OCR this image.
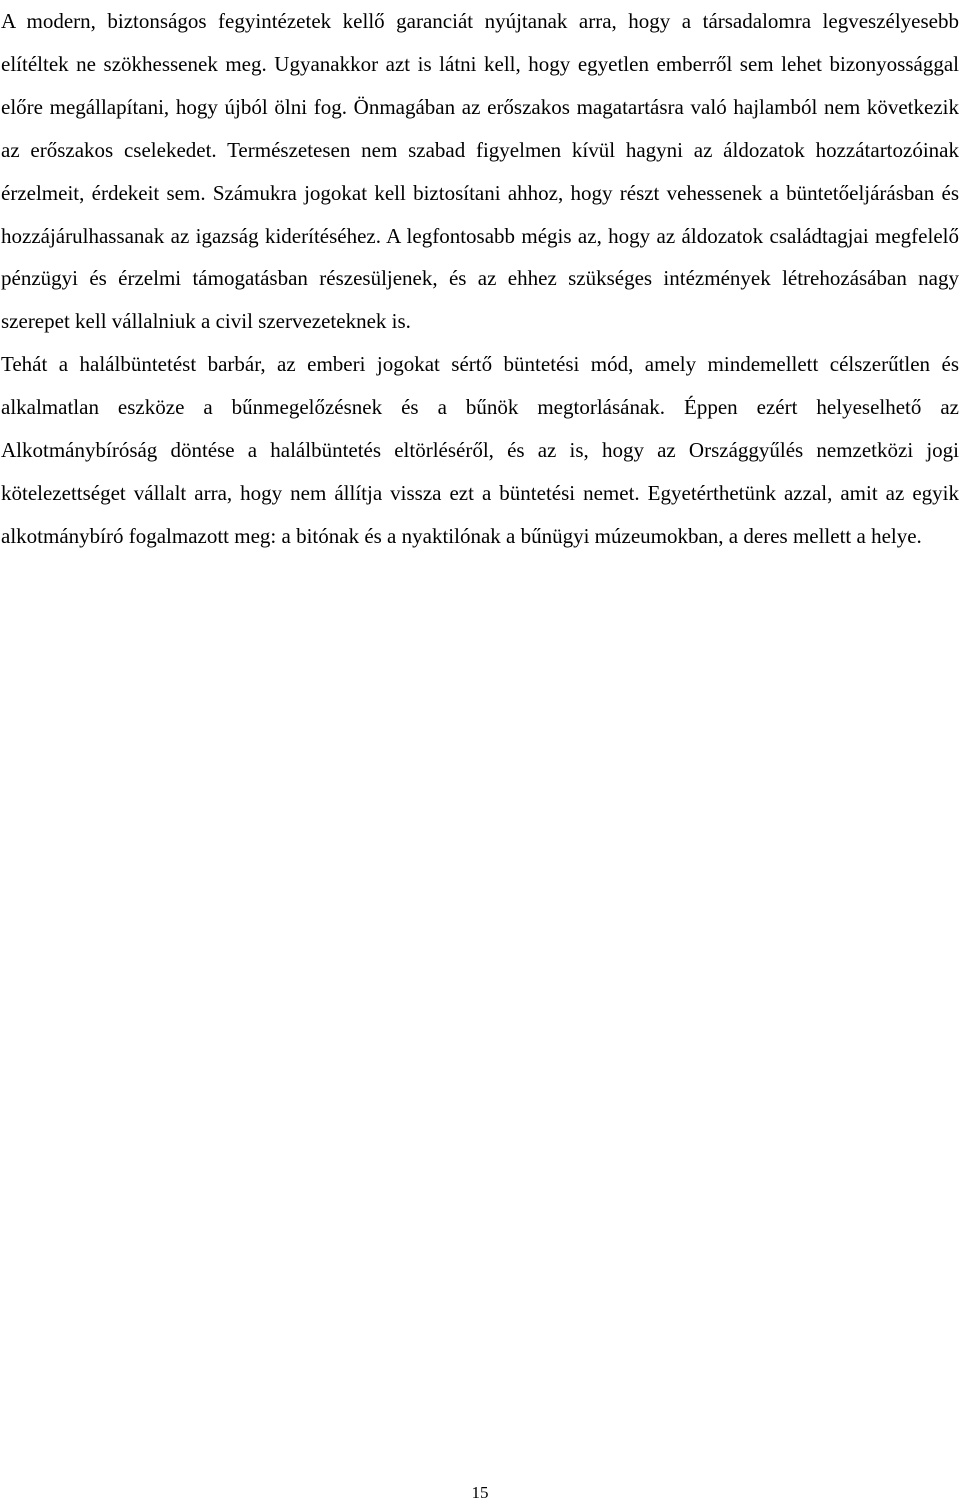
A modern, biztonságos fegyintézetek kellő garanciát nyújtanak arra, hogy a társadalomra legveszélyesebb elítéltek ne szökhessenek meg. Ugyanakkor azt is látni kell, hogy egyetlen emberről sem lehet bizonyossággal előre megállapítani, hogy újból ölni fog. Önmagában az erőszakos magatartásra való hajlamból nem következik az erőszakos cselekedet. Természetesen nem szabad figyelmen kívül hagyni az áldozatok hozzátartozóinak érzelmeit, érdekeit sem. Számukra jogokat kell biztosítani ahhoz, hogy részt vehessenek a büntetőeljárásban és hozzájárulhassanak az igazság kiderítéséhez. A legfontosabb mégis az, hogy az áldozatok családtagjai megfelelő pénzügyi és érzelmi támogatásban részesüljenek, és az ehhez szükséges intézmények létrehozásában nagy szerepet kell vállalniuk a civil szervezeteknek is.

Tehát a halálbüntetést barbár, az emberi jogokat sértő büntetési mód, amely mindemellett célszerűtlen és alkalmatlan eszköze a bűnmegelőzésnek és a bűnök megtorlásának. Éppen ezért helyeselhető az Alkotmánybíróság döntése a halálbüntetés eltörléséről, és az is, hogy az Országgyűlés nemzetközi jogi kötelezettséget vállalt arra, hogy nem állítja vissza ezt a büntetési nemet. Egyetérthetünk azzal, amit az egyik alkotmánybíró fogalmazott meg: a bitónak és a nyaktilónak a bűnügyi múzeumokban, a deres mellett a helye.

15
